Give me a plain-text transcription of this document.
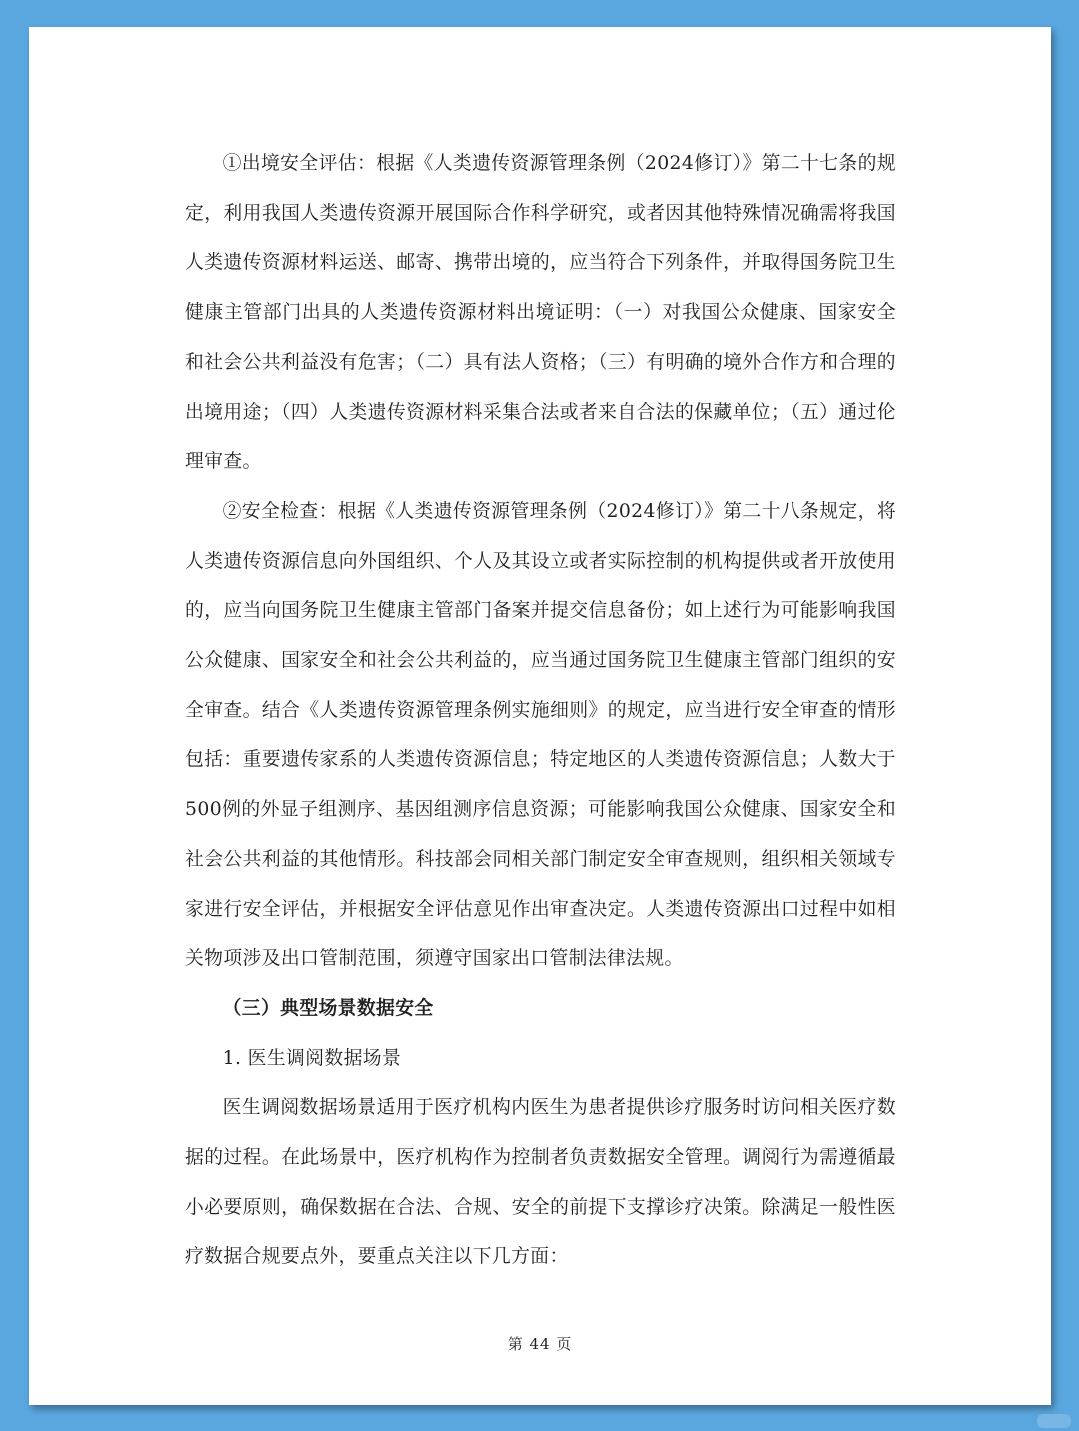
①出境安全评估：根据《人类遗传资源管理条例（2024修订）》第二十七条的规定，利用我国人类遗传资源开展国际合作科学研究，或者因其他特殊情况确需将我国人类遗传资源材料运送、邮寄、携带出境的，应当符合下列条件，并取得国务院卫生健康主管部门出具的人类遗传资源材料出境证明：（一）对我国公众健康、国家安全和社会公共利益没有危害；（二）具有法人资格；（三）有明确的境外合作方和合理的出境用途；（四）人类遗传资源材料采集合法或者来自合法的保藏单位；（五）通过伦理审查。

②安全检查：根据《人类遗传资源管理条例（2024修订）》第二十八条规定，将人类遗传资源信息向外国组织、个人及其设立或者实际控制的机构提供或者开放使用的，应当向国务院卫生健康主管部门备案并提交信息备份；如上述行为可能影响我国公众健康、国家安全和社会公共利益的，应当通过国务院卫生健康主管部门组织的安全审查。结合《人类遗传资源管理条例实施细则》的规定，应当进行安全审查的情形包括：重要遗传家系的人类遗传资源信息；特定地区的人类遗传资源信息；人数大于500例的外显子组测序、基因组测序信息资源；可能影响我国公众健康、国家安全和社会公共利益的其他情形。科技部会同相关部门制定安全审查规则，组织相关领域专家进行安全评估，并根据安全评估意见作出审查决定。人类遗传资源出口过程中如相关物项涉及出口管制范围，须遵守国家出口管制法律法规。

（三）典型场景数据安全

1. 医生调阅数据场景

医生调阅数据场景适用于医疗机构内医生为患者提供诊疗服务时访问相关医疗数据的过程。在此场景中，医疗机构作为控制者负责数据安全管理。调阅行为需遵循最小必要原则，确保数据在合法、合规、安全的前提下支撑诊疗决策。除满足一般性医疗数据合规要点外，要重点关注以下几方面：

第 44 页
